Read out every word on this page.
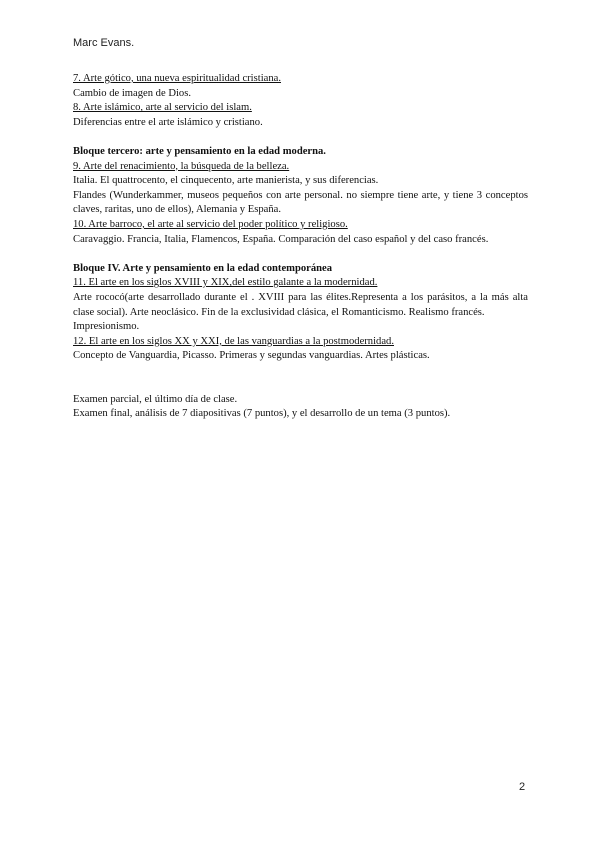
Marc Evans.

7. Arte gótico, una nueva espiritualidad cristiana.

Cambio de imagen de Dios.

8. Arte islámico, arte al servicio del islam.

Diferencias entre el arte islámico y cristiano.

Bloque tercero: arte y pensamiento en la edad moderna.

9. Arte del renacimiento, la búsqueda de la belleza.

Italia. El quattrocento, el cinquecento, arte manierista, y sus diferencias.

Flandes (Wunderkammer, museos pequeños con arte personal. no siempre tiene arte, y tiene 3 conceptos claves, raritas, uno de ellos), Alemania y España.

10. Arte barroco, el arte al servicio del poder político y religioso.

Caravaggio. Francia, Italia, Flamencos, España. Comparación del caso español y del caso francés.

Bloque IV. Arte y pensamiento en la edad contemporánea

11. El arte en los siglos XVIII y XIX,del estilo galante a la modernidad.

Arte rococó(arte desarrollado durante el . XVIII para las élites.Representa a los parásitos, a la más alta clase social). Arte neoclásico. Fin de la exclusividad clásica, el Romanticismo. Realismo francés.

Impresionismo.

12. El arte en los siglos XX y XXI, de las vanguardias a la postmodernidad.

Concepto de Vanguardia, Picasso. Primeras y segundas vanguardias. Artes plásticas.

Examen parcial, el último día de clase.

Examen final, análisis de 7 diapositivas (7 puntos), y el desarrollo de un tema (3 puntos).

2
